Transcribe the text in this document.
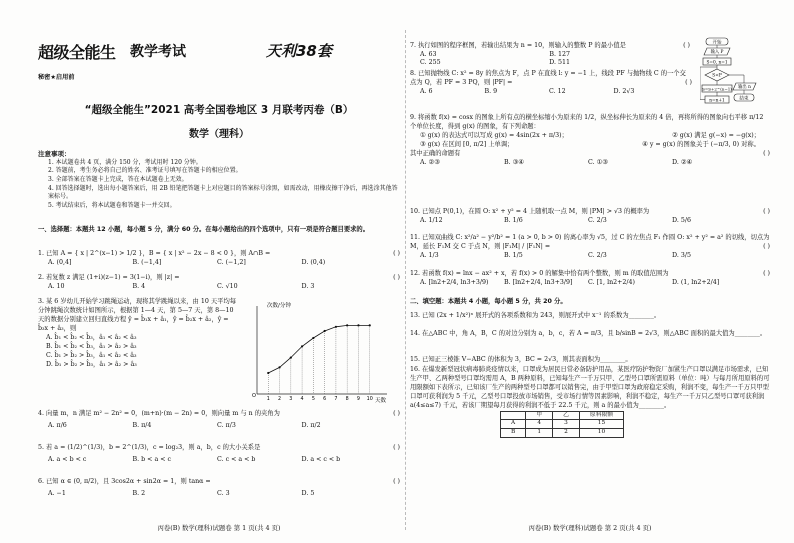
超级全能生 教学考试	天利38套
秘密★启用前
“超级全能生”2021 高考全国卷地区 3 月联考丙卷（B）
数学（理科）
注意事项：
1. 本试题卷共 4 页，满分 150 分，考试用时 120 分钟。
2. 答题前，考生务必将自己的姓名、准考证号填写在答题卡的相应位置。
3. 全部答案在答题卡上完成，答在本试题卷上无效。
4. 回答选择题时，选出每小题答案后，用 2B 铅笔把答题卡上对应题目的答案标号涂黑，如需改动，用橡皮擦干净后，再选涂其他答案标号。
5. 考试结束后，将本试题卷和答题卡一并交回。
一、选择题：本题共 12 小题，每小题 5 分，满分 60 分。在每小题给出的四个选项中，只有一项是符合题目要求的。
1. 已知 A = { x | 2^(x−1) > 1/2 }，B = { x | x² − 2x − 8 < 0 }，则 A∩B =	( )
A. (0,4]	B. (−1,4]	C. (−1,2]	D. (0,4)
2. 若复数 z 满足 (1+i)(z−1) = 3(1−i)，则 |z| =	( )
A. 10	B. 4	C. √10	D. 3
3. 某 6 岁幼儿开始学习跳绳运动，现将其学跳绳以来，由 10 天平均每分钟跳绳次数统计如图所示，根据第 1—4 天，第 5—7 天，第 8—10 天的数据分别建立回归直线方程 ŷ = b̂₁x + â₁，ŷ = b̂₂x + â₂，ŷ = b̂₃x + â₃，则
A. b̂₁ < b̂₂ < b̂₃，â₁ < â₂ < â₃
B. b̂₁ < b̂₂ < b̂₃，â₁ > â₂ > â₃
C. b̂₁ > b̂₂ > b̂₃，â₁ < â₂ < â₃
D. b̂₁ > b̂₂ > b̂₃，â₁ > â₂ > â₃
O
1 2 3 4 5 6 7 8 9 10
次数/分钟
天数
4. 向量 m，n 满足 m² − 2n² = 0，(m+n)·(m − 2n) = 0，则向量 m 与 n 的夹角为	( )
A. π/6	B. π/4	C. π/3	D. π/2
5. 若 a = (1/2)^(1/3)，b = 2^(1/3)，c = log₂3，则 a，b，c 的大小关系是	( )
A. a < b < c	B. b < a < c	C. c < a < b	D. a < c < b
6. 已知 α ∈ (0, π/2)，且 3cos2α + sin2α = 1，则 tanα =	( )
A. −1	B. 2	C. 3	D. 5
丙卷(B) 数学(理科)试题卷 第 1 页(共 4 页)
7. 执行如图的程序框图，若输出结果为 n = 10，则输入的整数 P 的最小值是	( )
A. 63	B. 127
C. 255	D. 511
开始
输入 P
S=0, n=1
S<P
S=S+2^(n−1)
n=n+1
输出 n
结束
8. 已知抛物线 C: x² = 8y 的焦点为 F，点 P 在直线 l: y = −1 上，线段 PF 与抛物线 C 的一个交点为 Q，若 PF = 3 PQ，则 |PF| =	( )
A. 6	B. 9	C. 12	D. 2√3
9. 将函数 f(x) = cosx 的图象上所有点的横坐标缩小为原来的 1/2，纵坐标伸长为原来的 4 倍，再将所得的图象向右平移 π/12 个单位长度，得到 g(x) 的图象，有下列命题：
① g(x) 的表达式可以写成 g(x) = 4sin(2x + π/3)；	② g(x) 满足 g(−x) = −g(x)；
③ g(x) 在区间 [0, π/2] 上单调；	④ y = g(x) 的图象关于 (−π/3, 0) 对称。
其中正确的命题有	( )
A. ②③	B. ③④	C. ①③	D. ②④
10. 已知点 P(0,1)，在圆 O: x² + y² = 4 上随机取一点 M，则 |PM| > √3 的概率为	( )
A. 1/12	B. 1/6	C. 2/3	D. 5/6
11. 已知双曲线 C: x²/a² − y²/b² = 1 (a > 0, b > 0) 的离心率为 √5，过 C 的左焦点 F₁ 作圆 O: x² + y² = a² 的切线，切点为 M，延长 F₁M 交 C 于点 N，则 |F₁M| / |F₁N| =	( )
A. 1/3	B. 1/5	C. 2/3	D. 3/5
12. 若函数 f(x) = lnx − ax² + x，若 f(x) > 0 的解集中恰有两个整数，则 m 的取值范围为	( )
A. [ln2+2/4, ln3+3/9)	B. [ln2+2/4, ln3+3/9]	C. [1, ln2+2/4)	D. (1, ln2+2/4]
二、填空题：本题共 4 小题，每小题 5 分，共 20 分。
13. 已知 (2x + 1/x²)ⁿ 展开式的各项系数和为 243，则展开式中 x⁻¹ 的系数为________。
14. 在△ABC 中，角 A，B，C 的对边分别为 a，b，c，若 A = π/3，且 b/sinB = 2√3，则△ABC 面积的最大值为________。
15. 已知正三棱锥 V−ABC 的体积为 3，BC = 2√3，则其表面积为________。
16. 在爆发新型冠状病毒肺炎疫情以来，口罩成为居民日常必备防护用品，某医疗防护物资厂加紧生产口罩以满足市场需求，已知生产甲、乙两种型号口罩均需用 A，B 两种原料，已知每生产一千万只甲、乙型号口罩所需原料（单位：吨）与每月所用原料的可用限额如下表所示，已知该厂生产的两种型号口罩都可以销售完，由于甲型口罩为政府稳定采购，利润不变，每生产一千万只甲型口罩可获利润为 5 千元，乙型号口罩投放市场销售，受市场行情等因素影响，利润不稳定，每生产一千万只乙型号口罩可获利润 a(4≤a≤7) 千元，若该厂期望每月获得的利润不低于 22.5 千元，则 a 的最小值为________。
	甲	乙	原料限额
A	4	3	15
B	1	2	10
丙卷(B) 数学(理科)试题卷 第 2 页(共 4 页)
